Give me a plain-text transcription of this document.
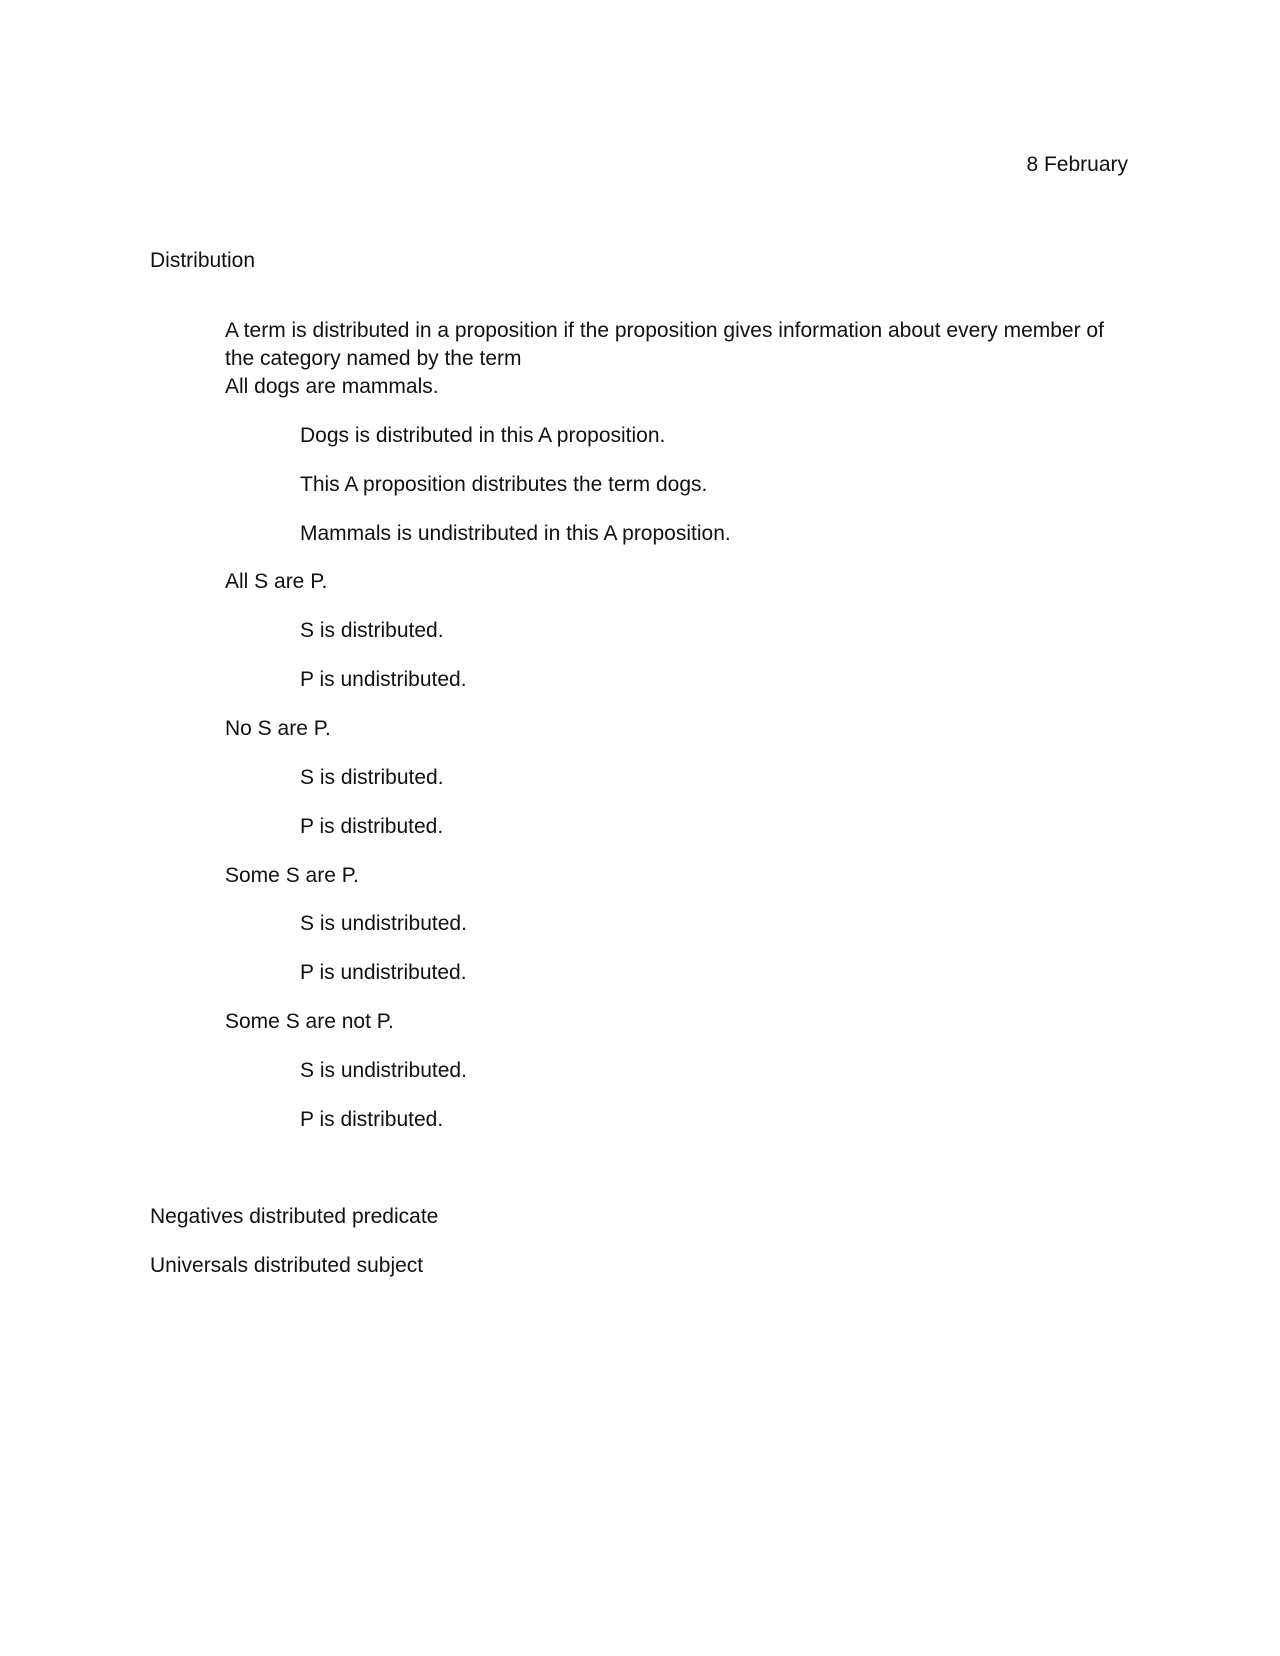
8 February

Distribution

A term is distributed in a proposition if the proposition gives information about every member of the category named by the term

All dogs are mammals.

Dogs is distributed in this A proposition.

This A proposition distributes the term dogs.

Mammals is undistributed in this A proposition.

All S are P.

S is distributed.

P is undistributed.

No S are P.

S is distributed.

P is distributed.

Some S are P.

S is undistributed.

P is undistributed.

Some S are not P.

S is undistributed.

P is distributed.

Negatives distributed predicate

Universals distributed subject
